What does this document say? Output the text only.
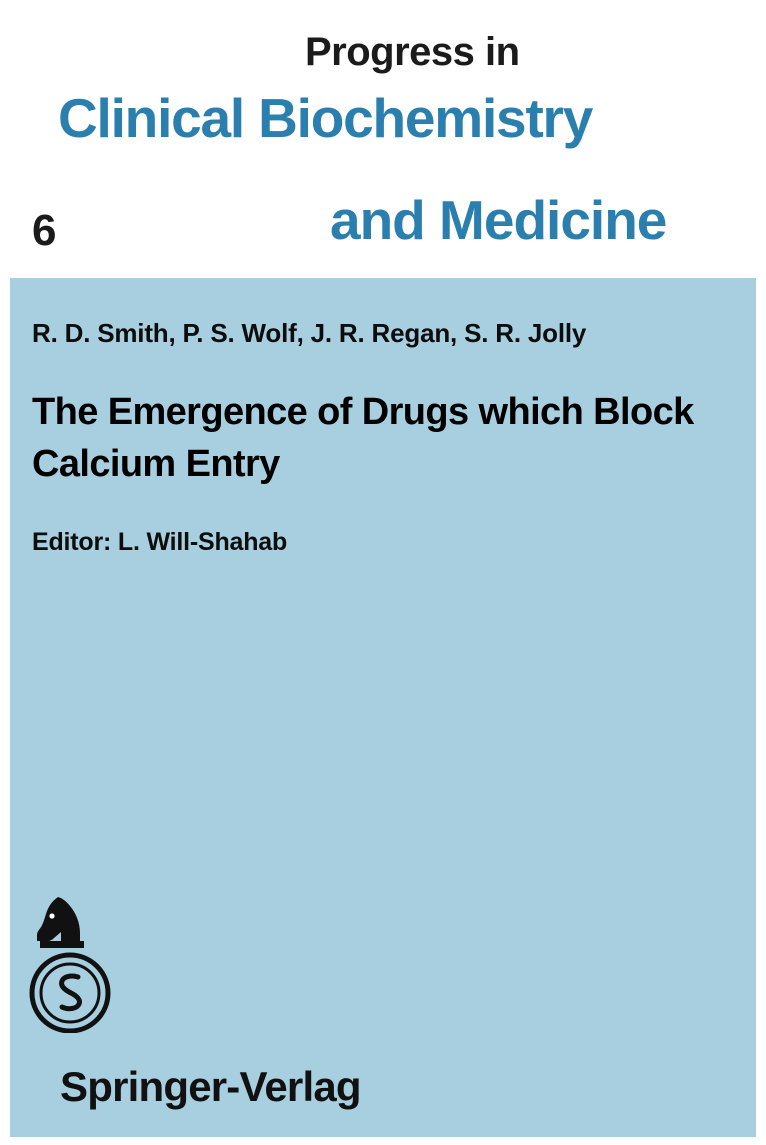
Progress in
Clinical Biochemistry
and Medicine
6
R. D. Smith, P. S. Wolf, J. R. Regan, S. R. Jolly
The Emergence of Drugs which Block Calcium Entry
Editor: L. Will-Shahab
Springer-Verlag
